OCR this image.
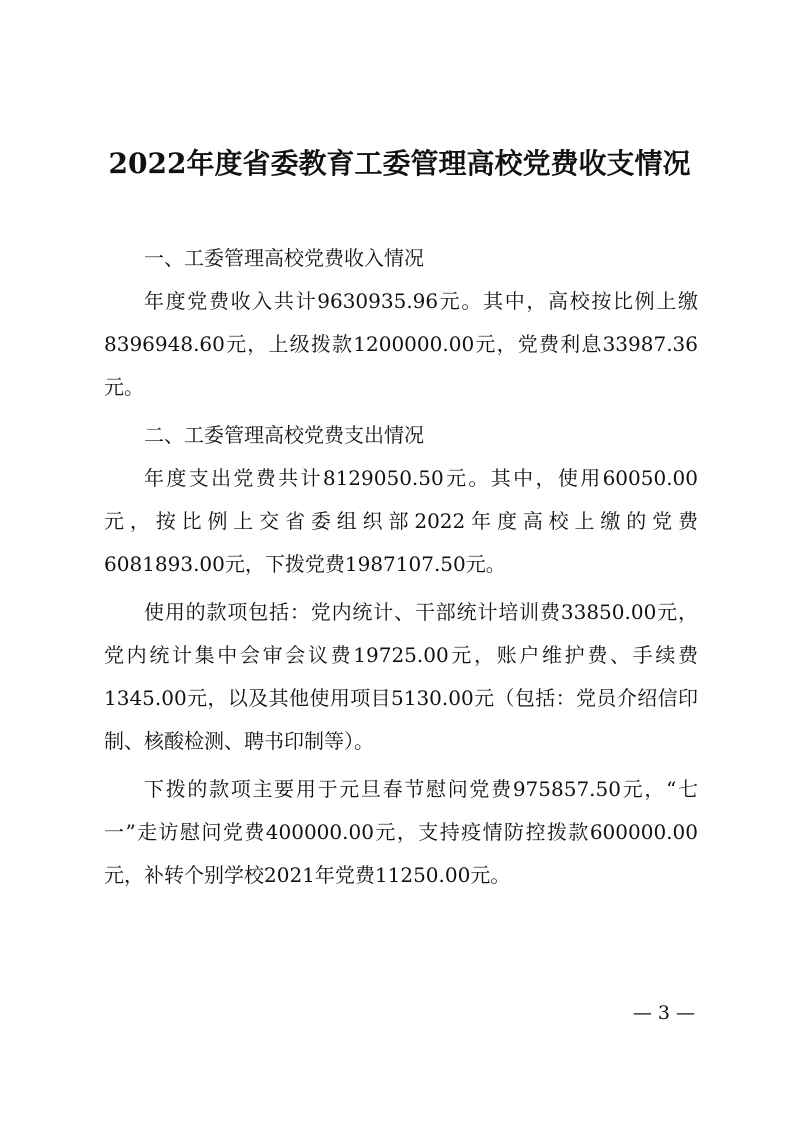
2022年度省委教育工委管理高校党费收支情况

一、工委管理高校党费收入情况

年度党费收入共计9630935.96元。其中，高校按比例上缴8396948.60元，上级拨款1200000.00元，党费利息33987.36元。

二、工委管理高校党费支出情况

年度支出党费共计8129050.50元。其中，使用60050.00元，按比例上交省委组织部2022年度高校上缴的党费 6081893.00元，下拨党费1987107.50元。

使用的款项包括：党内统计、干部统计培训费33850.00元，党内统计集中会审会议费19725.00元，账户维护费、手续费1345.00元，以及其他使用项目5130.00元（包括：党员介绍信印制、核酸检测、聘书印制等）。

下拨的款项主要用于元旦春节慰问党费975857.50元，“七一”走访慰问党费400000.00元，支持疫情防控拨款600000.00元，补转个别学校2021年党费11250.00元。

— 3 —
